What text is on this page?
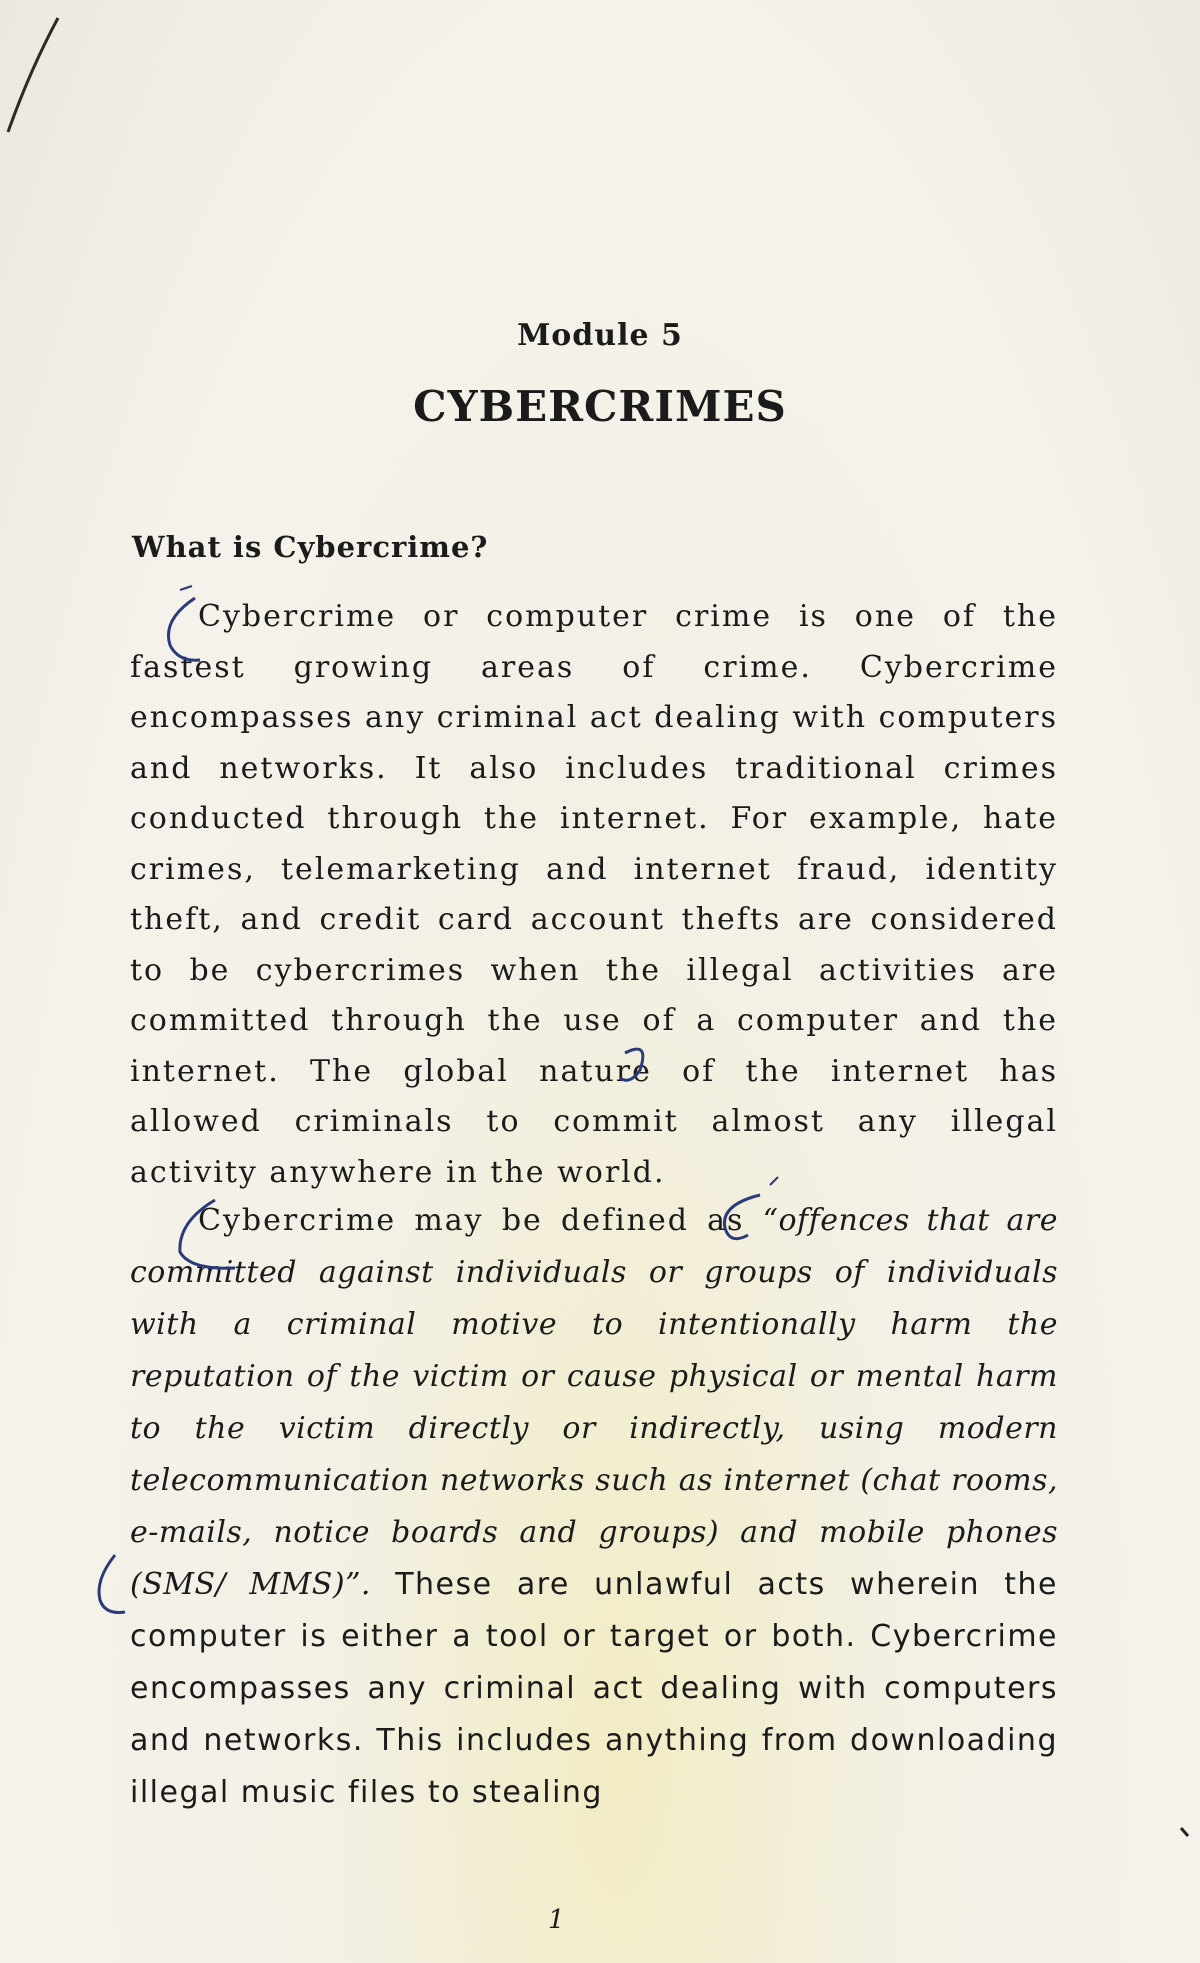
Module 5
CYBERCRIMES
What is Cybercrime?
Cybercrime or computer crime is one of the fastest growing areas of crime. Cybercrime encompasses any criminal act dealing with computers and networks. It also includes traditional crimes conducted through the internet. For example, hate crimes, telemarketing and internet fraud, identity theft, and credit card account thefts are considered to be cybercrimes when the illegal activities are committed through the use of a computer and the internet. The global nature of the internet has allowed criminals to commit almost any illegal activity anywhere in the world.
Cybercrime may be defined as “offences that are committed against individuals or groups of individuals with a criminal motive to intentionally harm the reputation of the victim or cause physical or mental harm to the victim directly or indirectly, using modern telecommunication networks such as internet (chat rooms, e-mails, notice boards and groups) and mobile phones (SMS/ MMS)”. These are unlawful acts wherein the computer is either a tool or target or both. Cybercrime encompasses any criminal act dealing with computers and networks. This includes anything from downloading illegal music files to stealing
1
